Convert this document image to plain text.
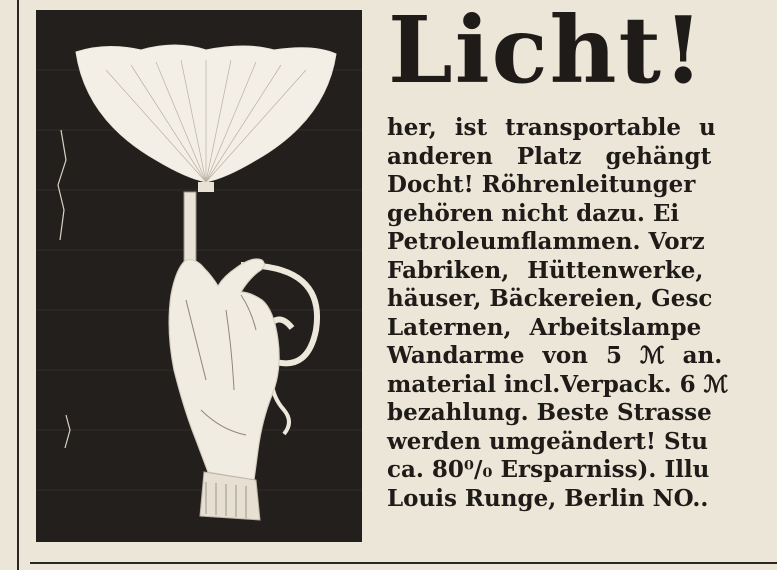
Licht!
her, ist transportable u
anderen Platz gehängt
Docht! Röhrenleitunger
gehören nicht dazu. Ei
Petroleumflammen. Vorz
Fabriken, Hüttenwerke,
häuser, Bäckereien, Gesc
Laternen, Arbeitslampe
Wandarme von 5 ℳ an.
material incl.Verpack. 6 ℳ
bezahlung. Beste Strasse
werden umgeändert! Stu
ca. 80⁰/₀ Ersparniss). Illu
Louis Runge, Berlin NO..
